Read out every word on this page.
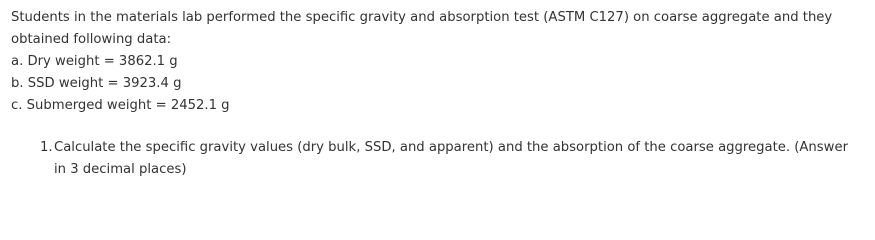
Students in the materials lab performed the specific gravity and absorption test (ASTM C127) on coarse aggregate and they obtained following data:
a. Dry weight = 3862.1 g
b. SSD weight = 3923.4 g
c. Submerged weight = 2452.1 g
1. Calculate the specific gravity values (dry bulk, SSD, and apparent) and the absorption of the coarse aggregate. (Answer in 3 decimal places)
